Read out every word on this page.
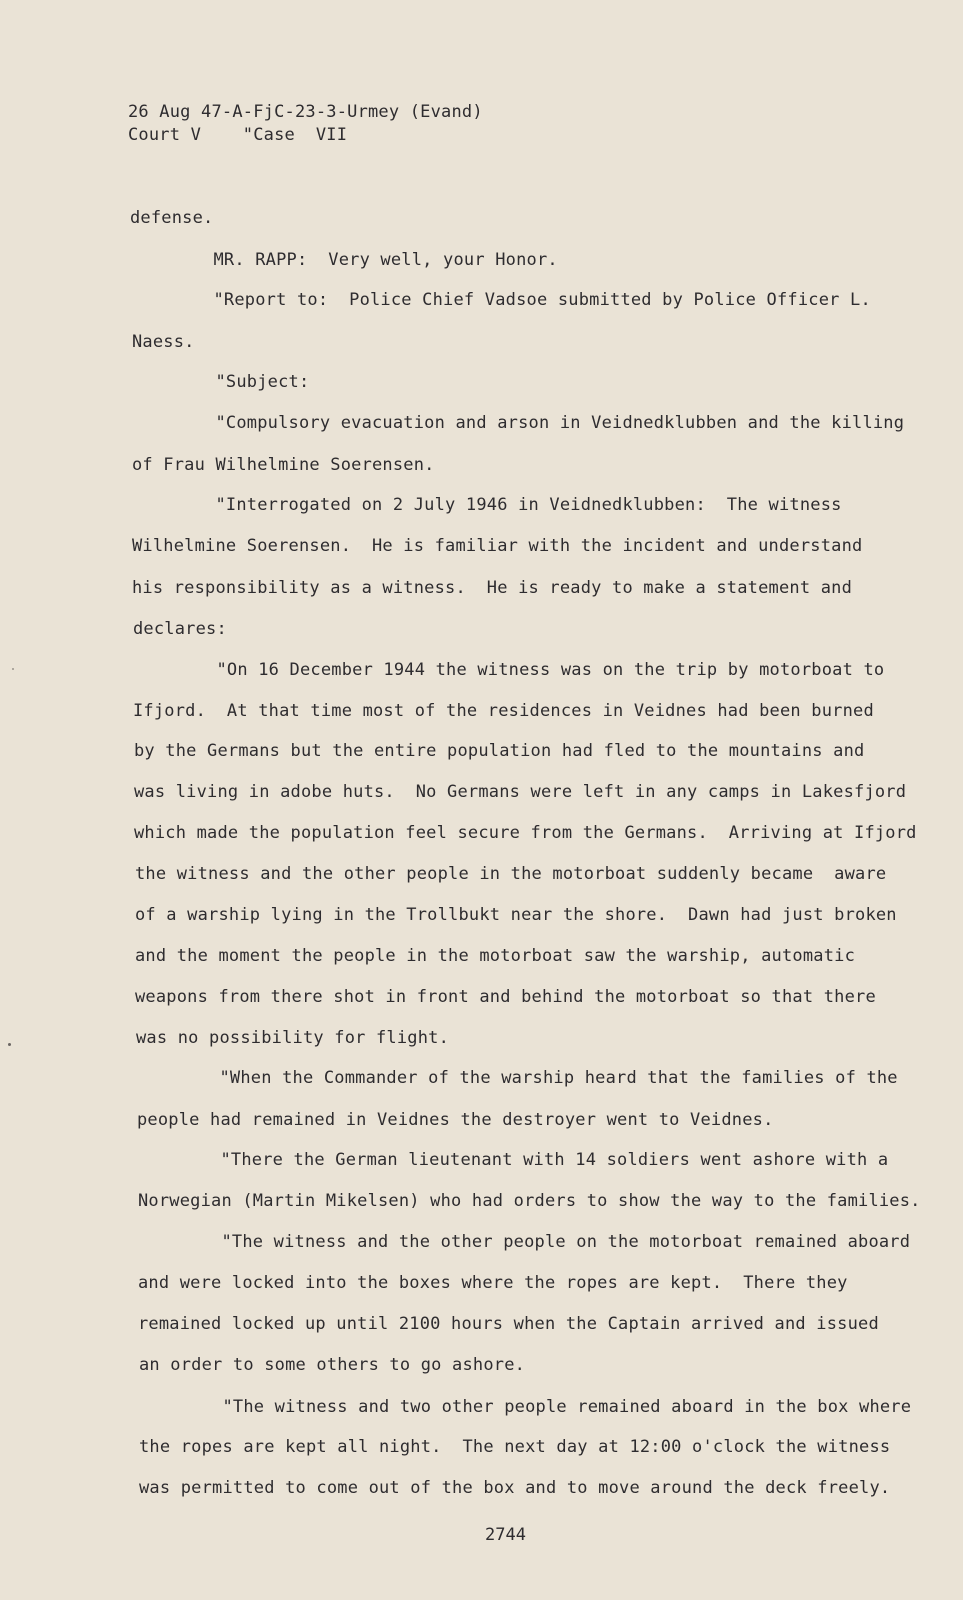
26 Aug 47-A-FjC-23-3-Urmey (Evand)
Court V    "Case  VII
defense.
MR. RAPP:  Very well, your Honor.
"Report to:  Police Chief Vadsoe submitted by Police Officer L.
Naess.
"Subject:
"Compulsory evacuation and arson in Veidnedklubben and the killing
of Frau Wilhelmine Soerensen.
"Interrogated on 2 July 1946 in Veidnedklubben:  The witness
Wilhelmine Soerensen.  He is familiar with the incident and understand
his responsibility as a witness.  He is ready to make a statement and
declares:
"On 16 December 1944 the witness was on the trip by motorboat to
Ifjord.  At that time most of the residences in Veidnes had been burned
by the Germans but the entire population had fled to the mountains and
was living in adobe huts.  No Germans were left in any camps in Lakesfjord
which made the population feel secure from the Germans.  Arriving at Ifjord
the witness and the other people in the motorboat suddenly became  aware
of a warship lying in the Trollbukt near the shore.  Dawn had just broken
and the moment the people in the motorboat saw the warship, automatic
weapons from there shot in front and behind the motorboat so that there
was no possibility for flight.
"When the Commander of the warship heard that the families of the
people had remained in Veidnes the destroyer went to Veidnes.
"There the German lieutenant with 14 soldiers went ashore with a
Norwegian (Martin Mikelsen) who had orders to show the way to the families.
"The witness and the other people on the motorboat remained aboard
and were locked into the boxes where the ropes are kept.  There they
remained locked up until 2100 hours when the Captain arrived and issued
an order to some others to go ashore.
"The witness and two other people remained aboard in the box where
the ropes are kept all night.  The next day at 12:00 o'clock the witness
was permitted to come out of the box and to move around the deck freely.
2744
